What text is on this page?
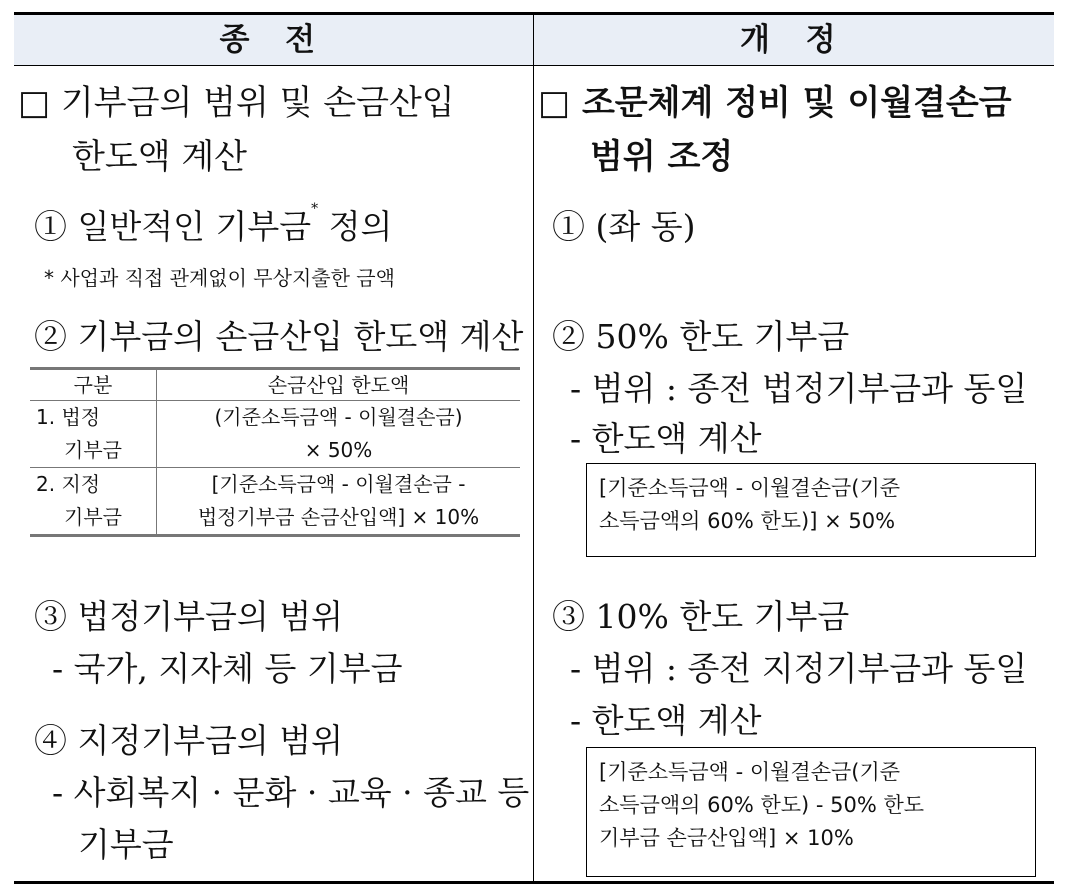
종 전	개 정
□ 기부금의 범위 및 손금산입
한도액 계산
① 일반적인 기부금* 정의
* 사업과 직접 관계없이 무상지출한 금액
② 기부금의 손금산입 한도액 계산
구분	손금산입 한도액
1. 법정
기부금
(기준소득금액 - 이월결손금)
× 50%
2. 지정
기부금
[기준소득금액 - 이월결손금 -
법정기부금 손금산입액] × 10%
③ 법정기부금의 범위
- 국가, 지자체 등 기부금
④ 지정기부금의 범위
- 사회복지 · 문화 · 교육 · 종교 등
기부금
□ 조문체계 정비 및 이월결손금
범위 조정
① (좌 동)
② 50% 한도 기부금
- 범위 : 종전 법정기부금과 동일
- 한도액 계산
[기준소득금액 - 이월결손금(기준
소득금액의 60% 한도)] × 50%
③ 10% 한도 기부금
- 범위 : 종전 지정기부금과 동일
- 한도액 계산
[기준소득금액 - 이월결손금(기준
소득금액의 60% 한도) - 50% 한도
기부금 손금산입액] × 10%
